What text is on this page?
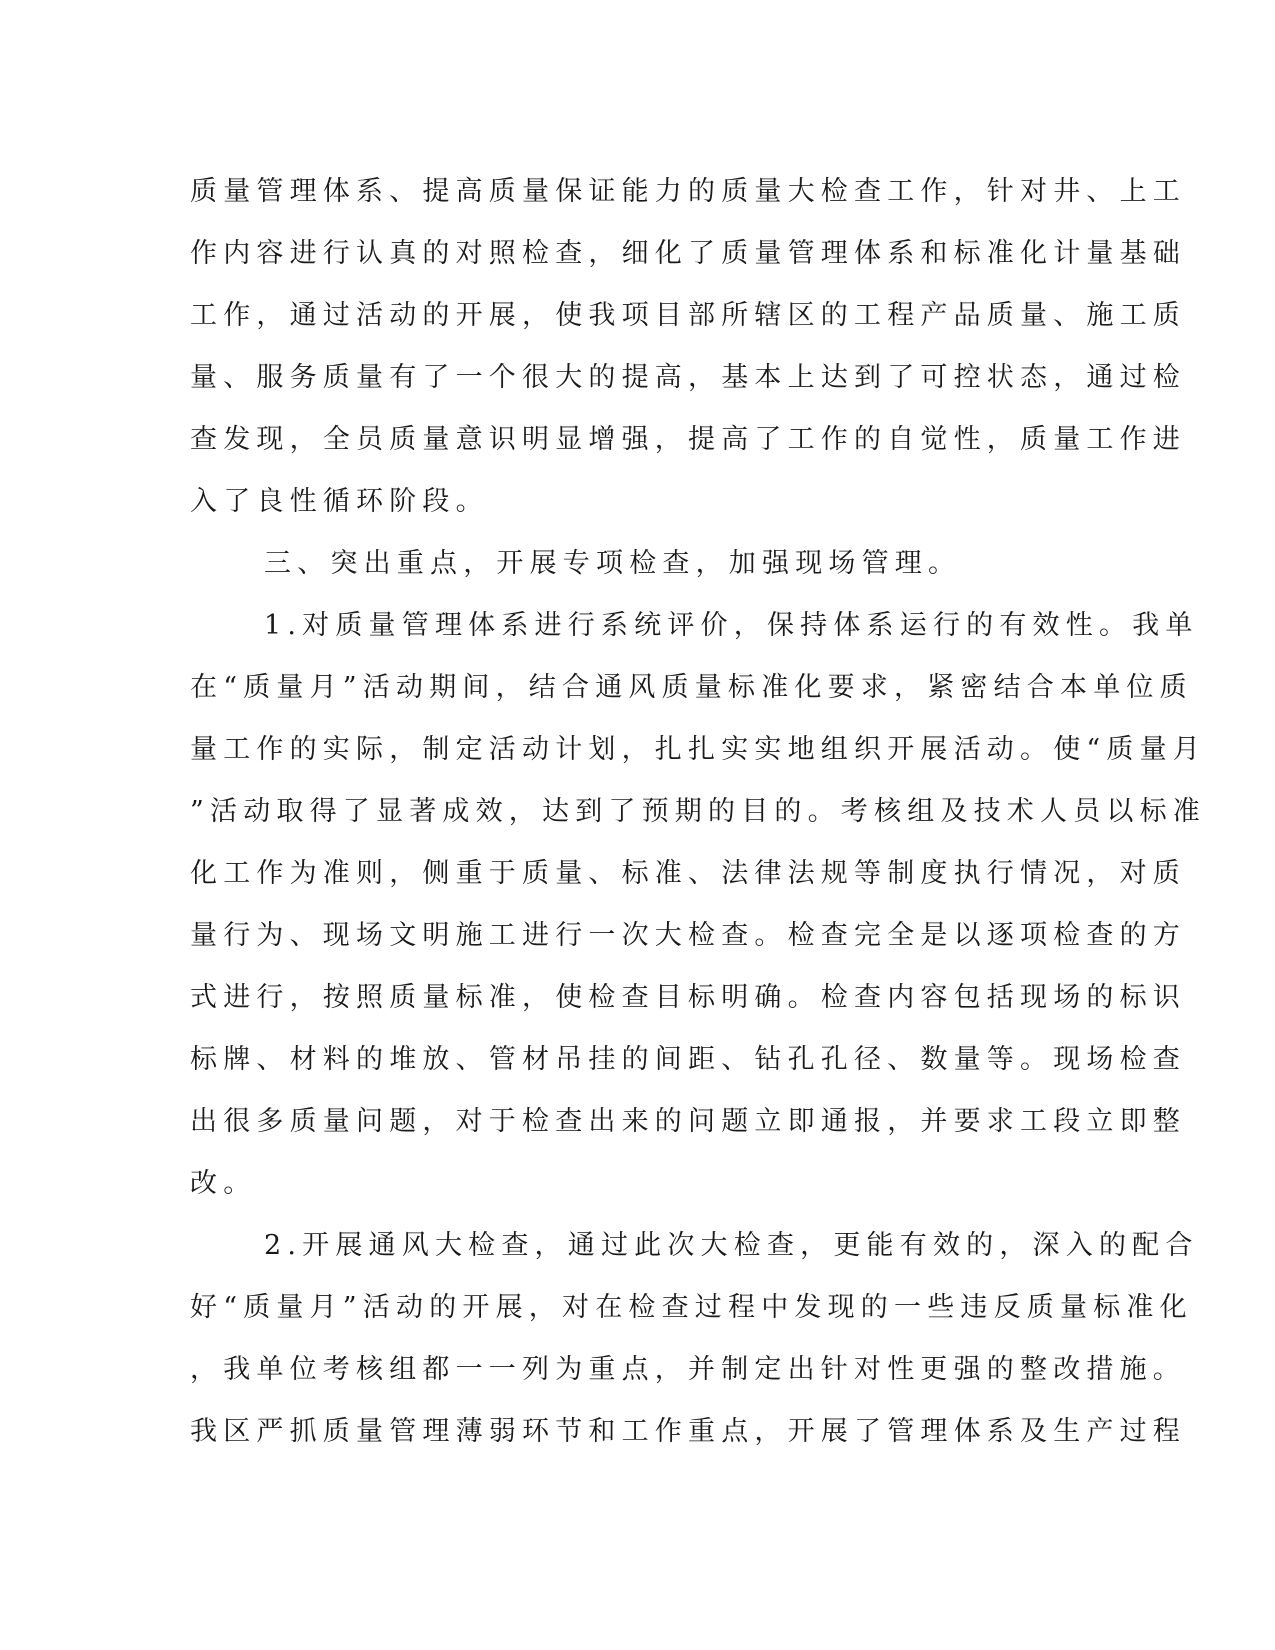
质量管理体系、提高质量保证能力的质量大检查工作，针对井、上工
作内容进行认真的对照检查，细化了质量管理体系和标准化计量基础
工作，通过活动的开展，使我项目部所辖区的工程产品质量、施工质
量、服务质量有了一个很大的提高，基本上达到了可控状态，通过检
查发现，全员质量意识明显增强，提高了工作的自觉性，质量工作进
入了良性循环阶段。
三、突出重点，开展专项检查，加强现场管理。
1.对质量管理体系进行系统评价，保持体系运行的有效性。我单
在“质量月”活动期间，结合通风质量标准化要求，紧密结合本单位质
量工作的实际，制定活动计划，扎扎实实地组织开展活动。使“质量月
”活动取得了显著成效，达到了预期的目的。考核组及技术人员以标准
化工作为准则，侧重于质量、标准、法律法规等制度执行情况，对质
量行为、现场文明施工进行一次大检查。检查完全是以逐项检查的方
式进行，按照质量标准，使检查目标明确。检查内容包括现场的标识
标牌、材料的堆放、管材吊挂的间距、钻孔孔径、数量等。现场检查
出很多质量问题，对于检查出来的问题立即通报，并要求工段立即整
改。
2.开展通风大检查，通过此次大检查，更能有效的，深入的配合
好“质量月”活动的开展，对在检查过程中发现的一些违反质量标准化
，我单位考核组都一一列为重点，并制定出针对性更强的整改措施。
我区严抓质量管理薄弱环节和工作重点，开展了管理体系及生产过程
